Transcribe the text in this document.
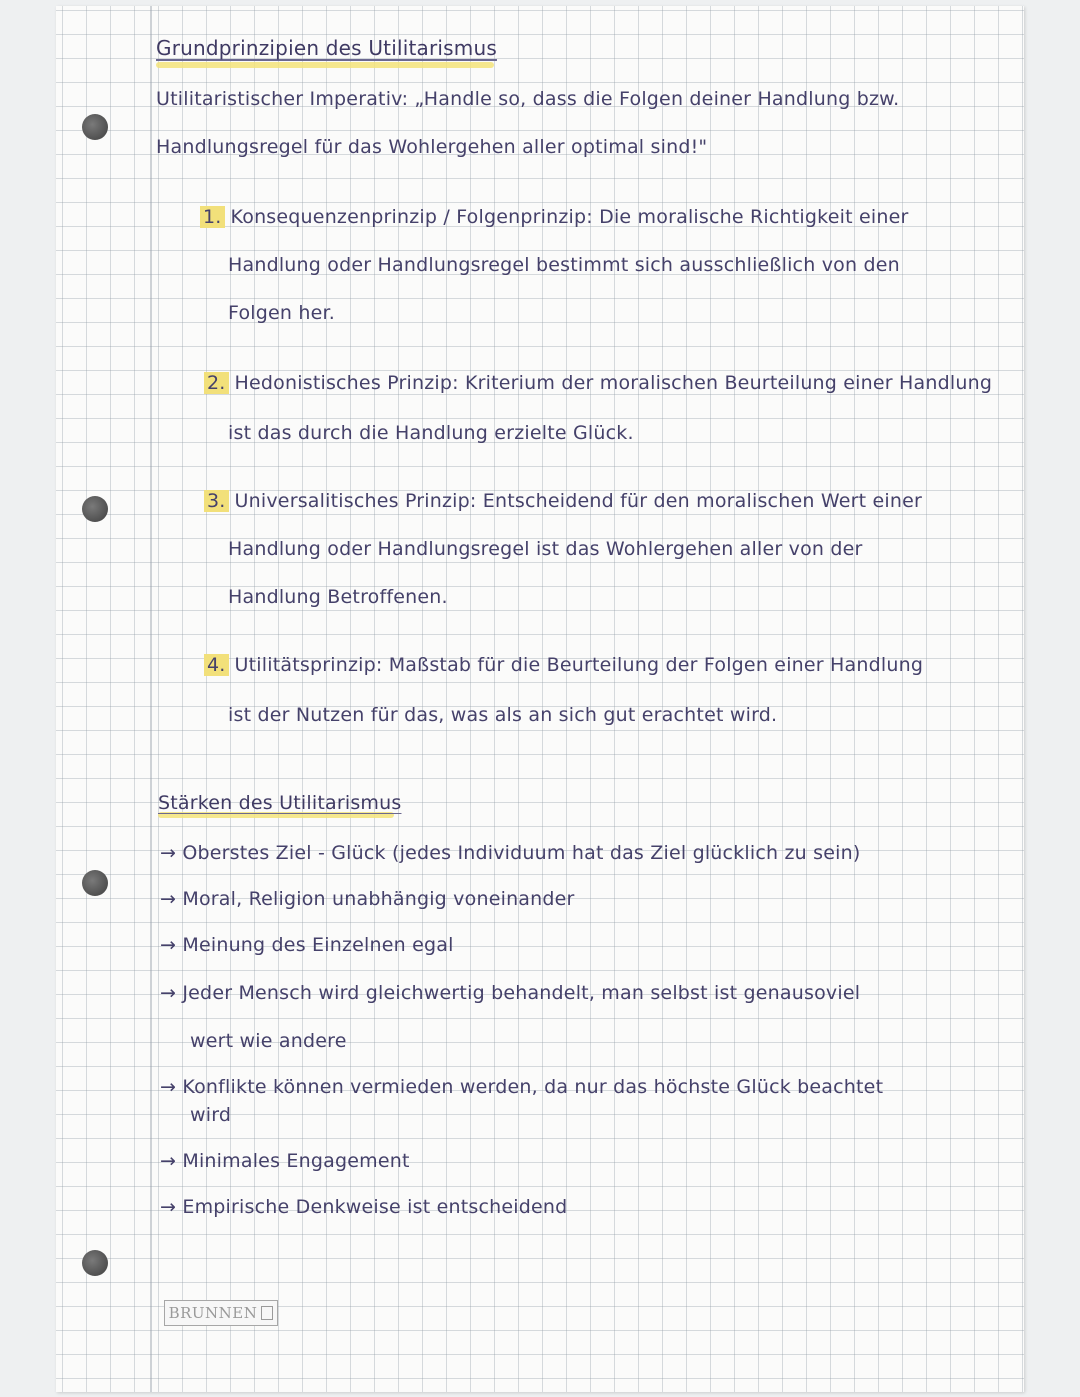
Grundprinzipien des Utilitarismus

Utilitaristischer Imperativ: „Handle so, dass die Folgen deiner Handlung bzw.

Handlungsregel für das Wohlergehen aller optimal sind!"

1. Konsequenzenprinzip / Folgenprinzip: Die moralische Richtigkeit einer

Handlung oder Handlungsregel bestimmt sich ausschließlich von den

Folgen her.

2. Hedonistisches Prinzip: Kriterium der moralischen Beurteilung einer Handlung

ist das durch die Handlung erzielte Glück.

3. Universalitisches Prinzip: Entscheidend für den moralischen Wert einer

Handlung oder Handlungsregel ist das Wohlergehen aller von der

Handlung Betroffenen.

4. Utilitätsprinzip: Maßstab für die Beurteilung der Folgen einer Handlung

ist der Nutzen für das, was als an sich gut erachtet wird.

Stärken des Utilitarismus

→ Oberstes Ziel - Glück (jedes Individuum hat das Ziel glücklich zu sein)

→ Moral, Religion unabhängig voneinander

→ Meinung des Einzelnen egal

→ Jeder Mensch wird gleichwertig behandelt, man selbst ist genausoviel

wert wie andere

→ Konflikte können vermieden werden, da nur das höchste Glück beachtet

wird

→ Minimales Engagement

→ Empirische Denkweise ist entscheidend

BRUNNEN
